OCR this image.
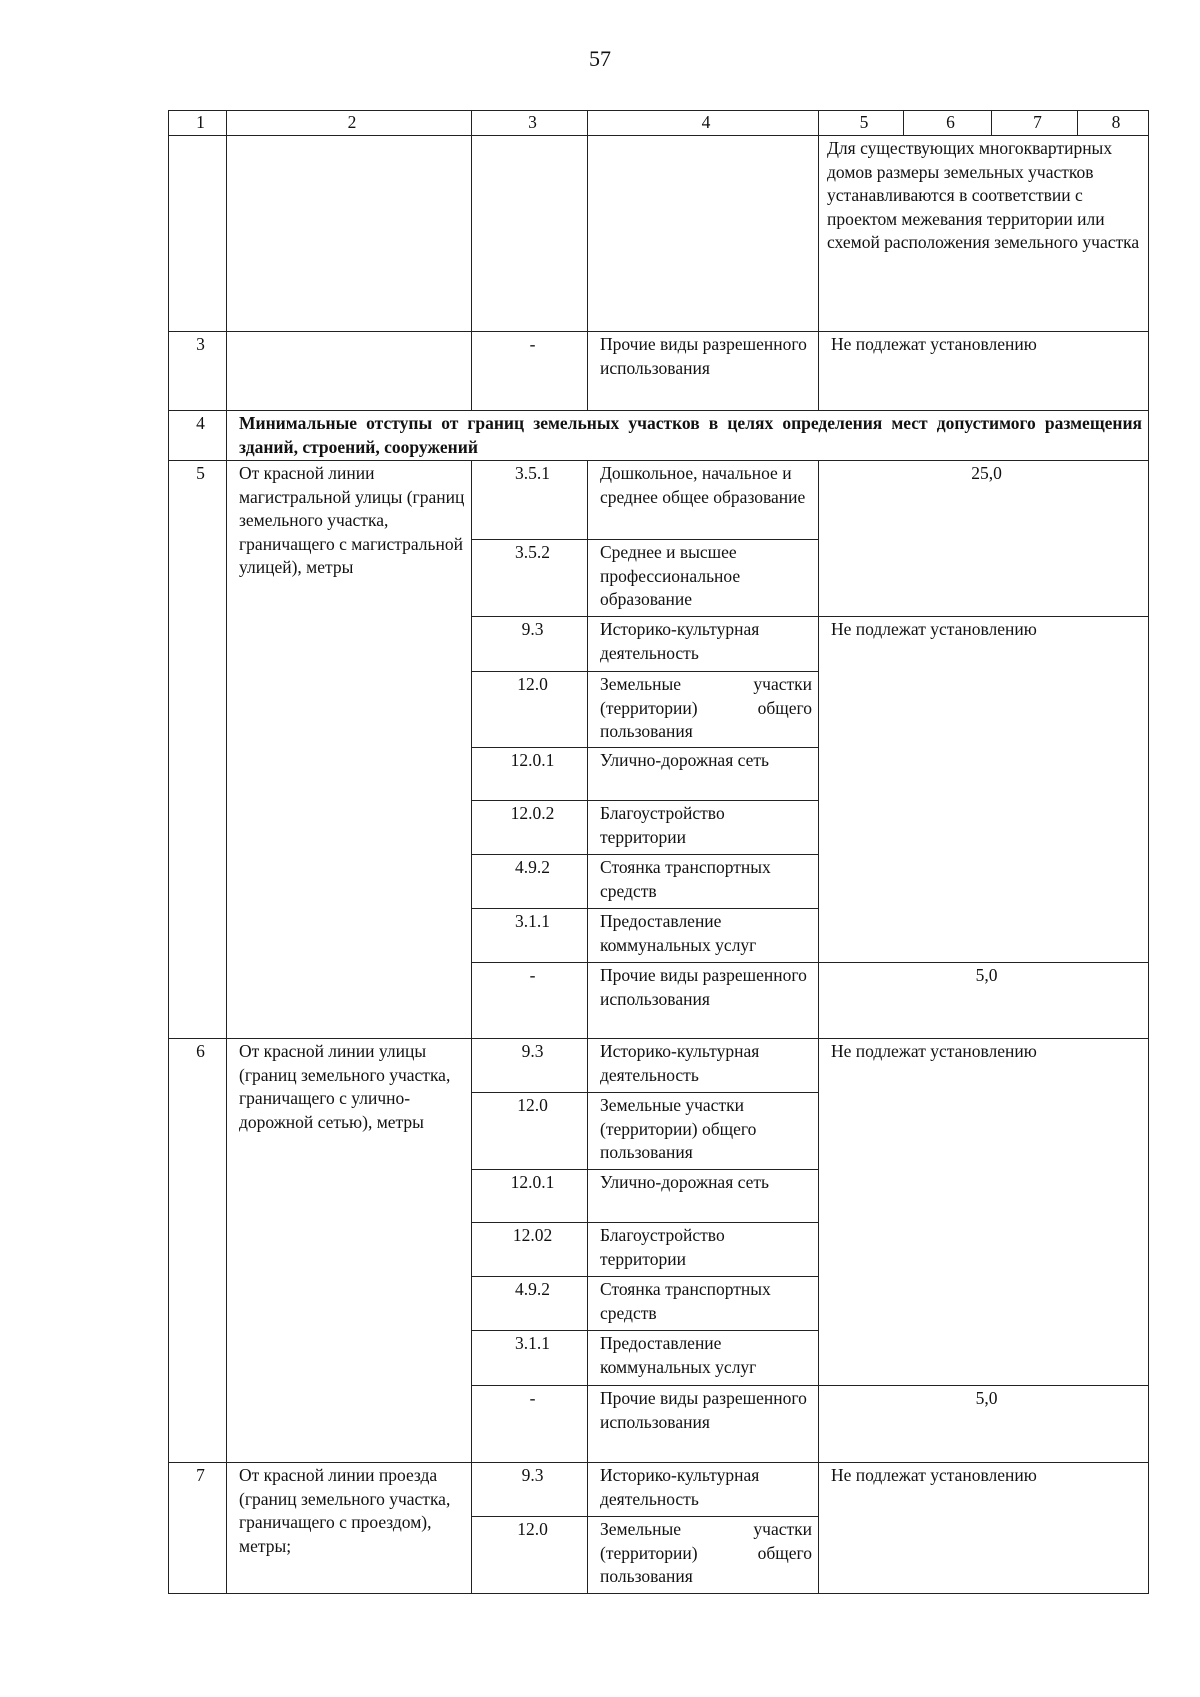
57
1	2	3	4	5	6	7	8
				Для существующих многоквартирных домов размеры земельных участков устанавливаются в соответствии с проектом межевания территории или схемой расположения земельного участка			
3		-	Прочие виды разрешенного использования	Не подлежат установлению			
4	Минимальные отступы от границ земельных участков в целях определения мест допустимого размещения зданий, строений, сооружений						
5	От красной линии магистральной улицы (границ земельного участка, граничащего с магистральной улицей), метры	3.5.1	Дошкольное, начальное и среднее общее образование	25,0			
		3.5.2	Среднее и высшее профессиональное образование				
		9.3	Историко-культурная деятельность	Не подлежат установлению			
		12.0	Земельные участки (территории) общего пользования				
		12.0.1	Улично-дорожная сеть				
		12.0.2	Благоустройство территории				
		4.9.2	Стоянка транспортных средств				
		3.1.1	Предоставление коммунальных услуг				
		-	Прочие виды разрешенного использования	5,0			
6	От красной линии улицы (границ земельного участка, граничащего с улично-дорожной сетью), метры	9.3	Историко-культурная деятельность	Не подлежат установлению			
		12.0	Земельные участки (территории) общего пользования				
		12.0.1	Улично-дорожная сеть				
		12.02	Благоустройство территории				
		4.9.2	Стоянка транспортных средств				
		3.1.1	Предоставление коммунальных услуг				
		-	Прочие виды разрешенного использования	5,0			
7	От красной линии проезда (границ земельного участка, граничащего с проездом), метры;	9.3	Историко-культурная деятельность	Не подлежат установлению			
		12.0	Земельные участки (территории) общего пользования				
